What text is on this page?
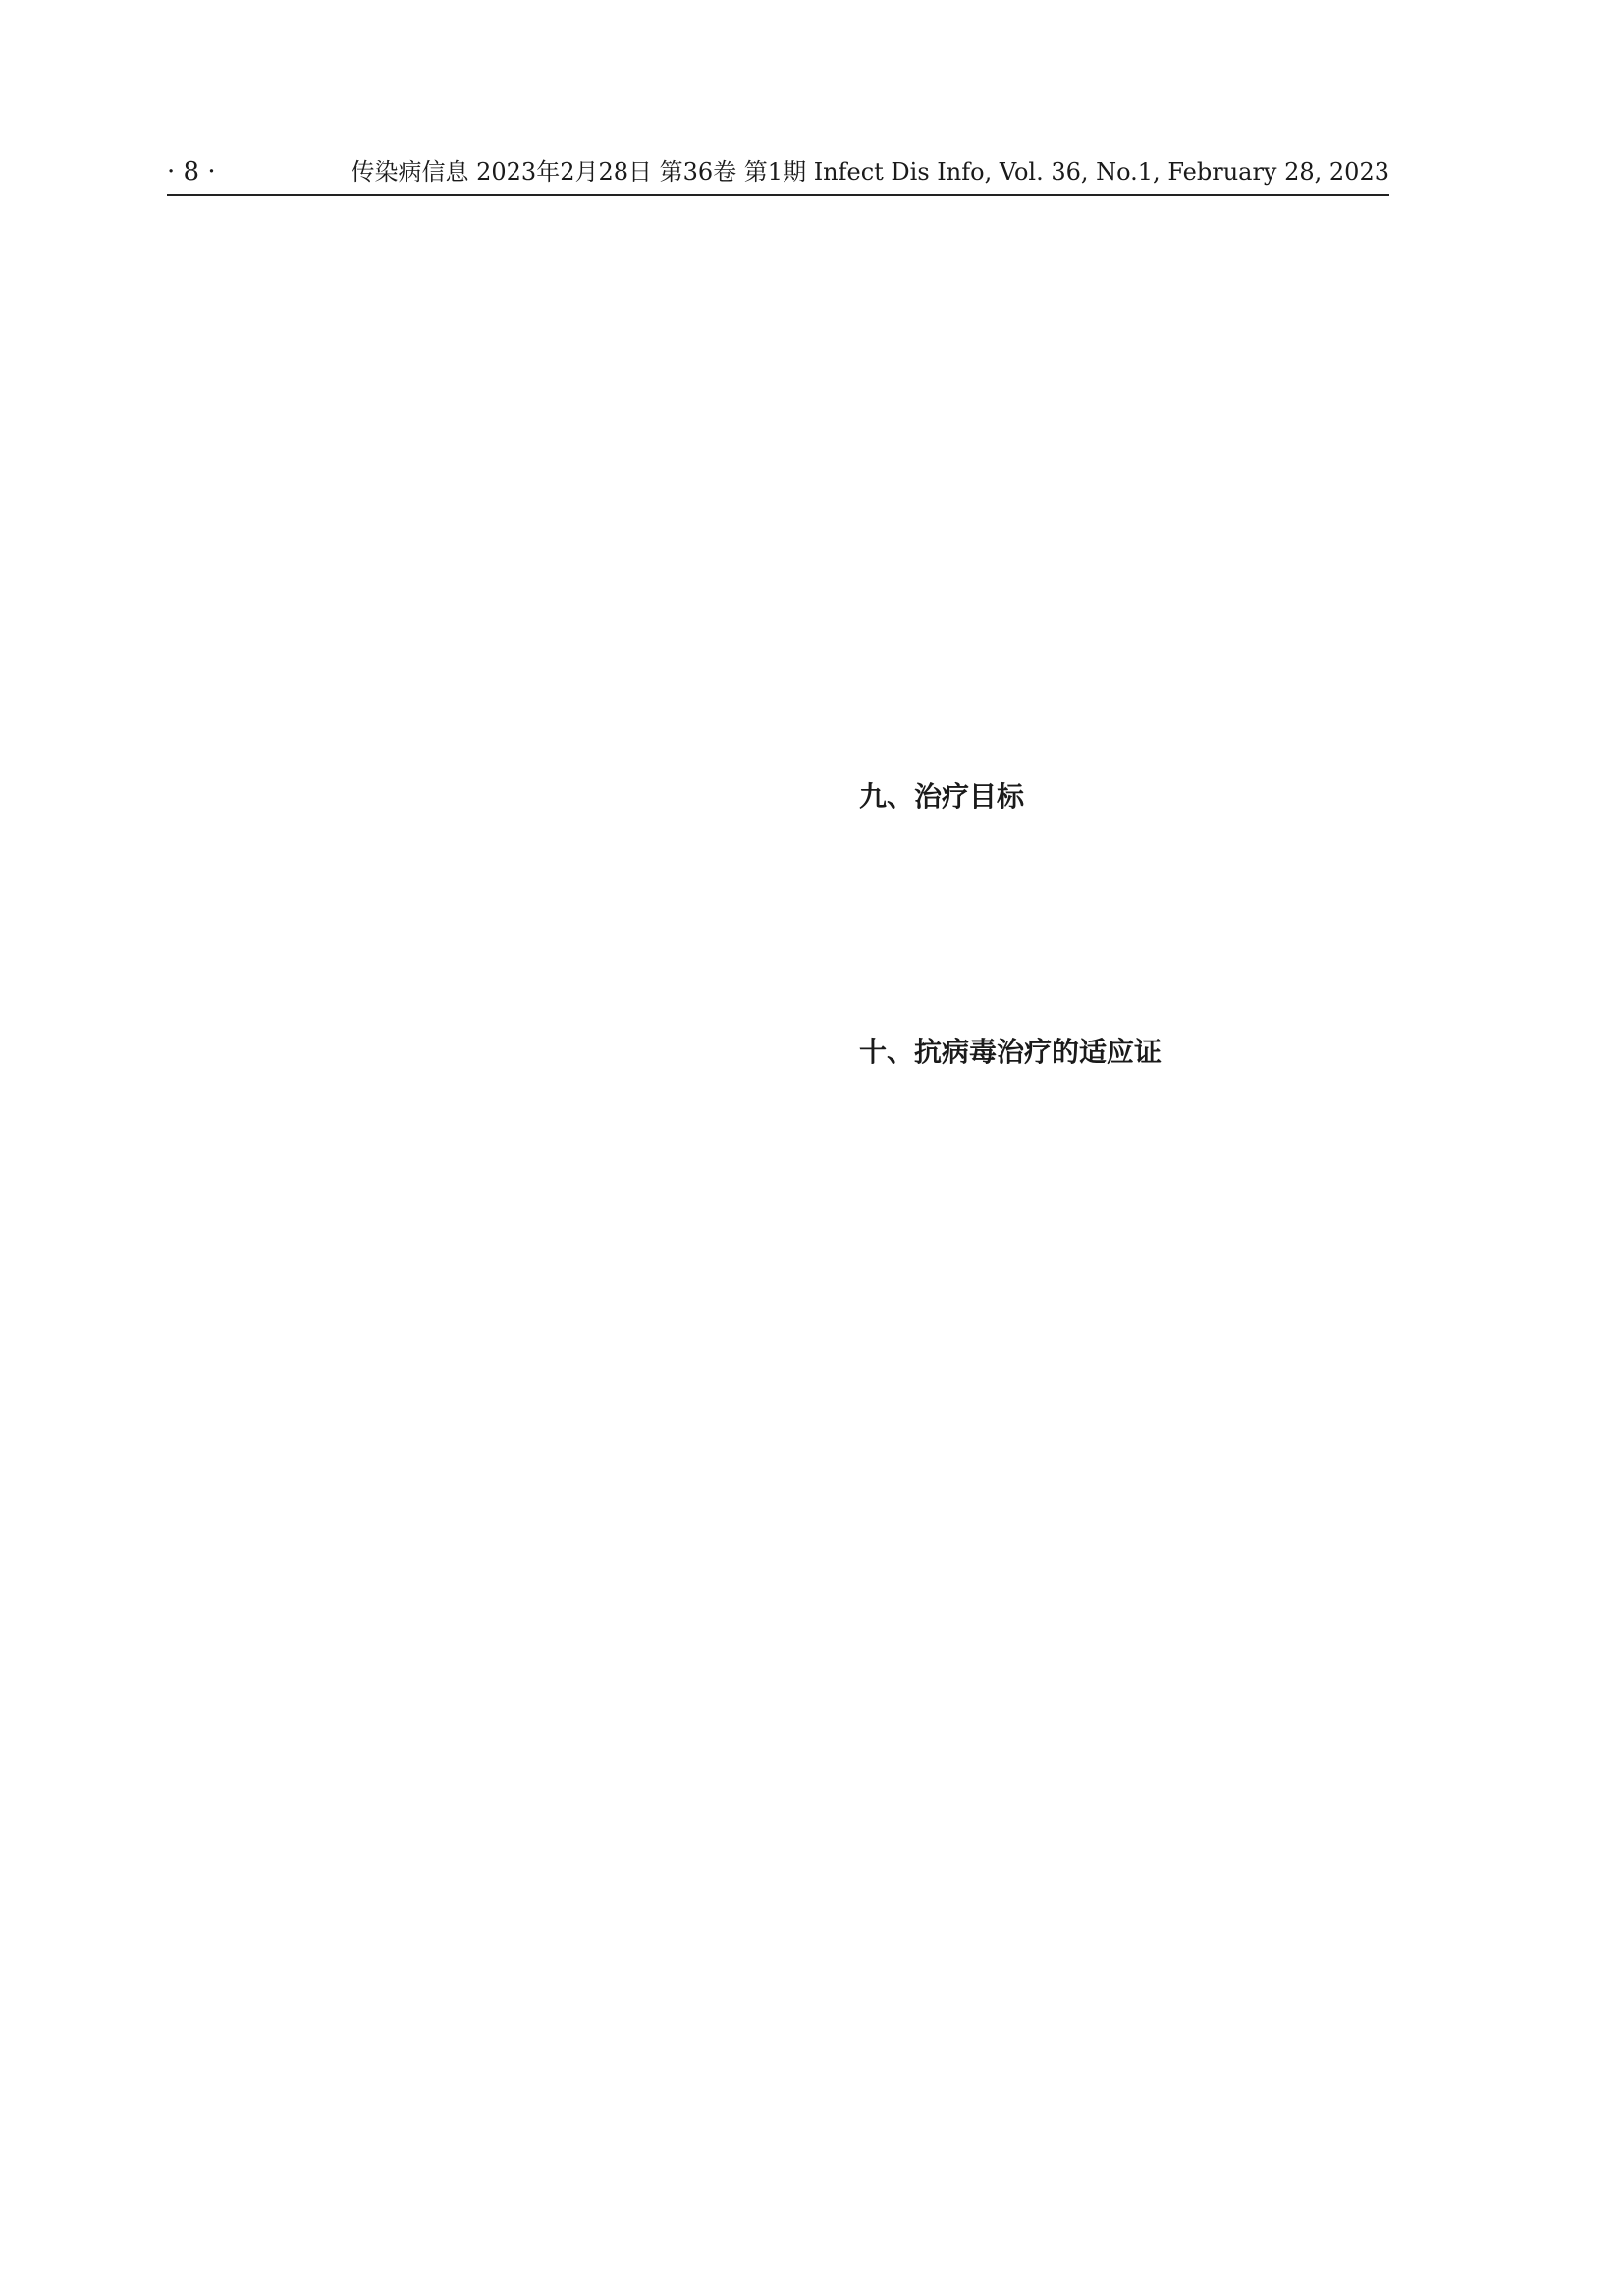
· 8 ·	传染病信息 2023年2月28日 第36卷 第1期 Infect Dis Info, Vol. 36, No.1, February 28, 2023
九、治疗目标
十、抗病毒治疗的适应证
